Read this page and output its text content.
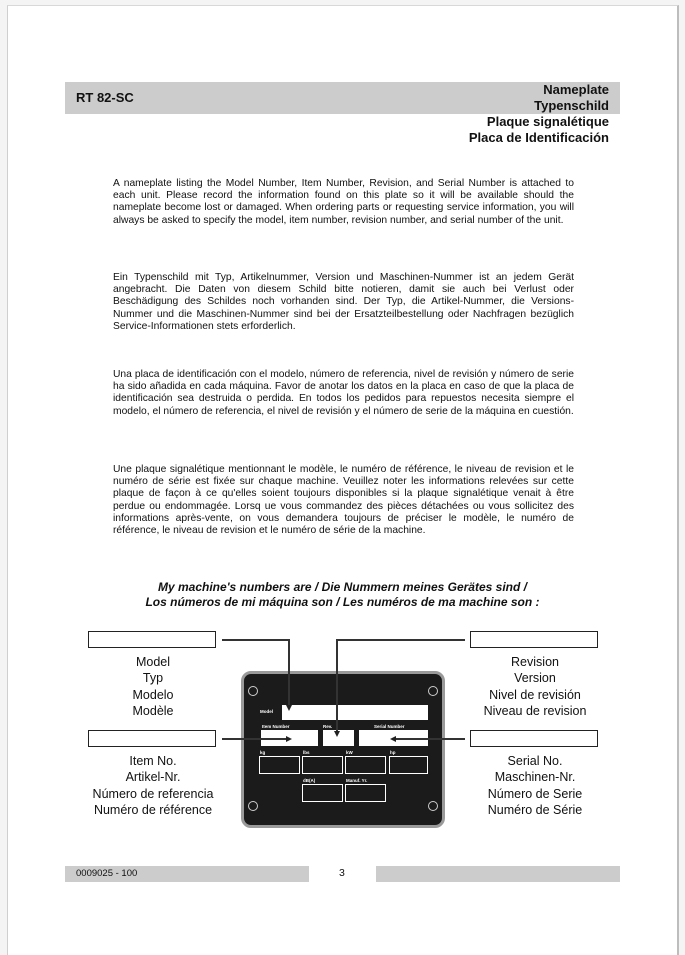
RT 82-SC
Nameplate
Typenschild
Plaque signalétique
Placa de Identificación
A nameplate listing the Model Number, Item Number, Revision, and Serial Number is attached to each unit. Please record the information found on this plate so it will be available should the nameplate become lost or damaged. When ordering parts or requesting service information, you will always be asked to specify the model, item number, revision number, and serial number of the unit.
Ein Typenschild mit Typ, Artikelnummer, Version und Maschinen-Nummer ist an jedem Gerät angebracht. Die Daten von diesem Schild bitte notieren, damit sie auch bei Verlust oder Beschädigung des Schildes noch vorhanden sind. Der Typ, die Artikel-Nummer, die Versions- Nummer und die Maschinen-Nummer sind bei der Ersatzteilbestellung oder Nachfragen bezüglich Service-Informationen stets erforderlich.
Una placa de identificación con el modelo, número de referencia, nivel de revisión y número de serie ha sido añadida en cada máquina. Favor de anotar los datos en la placa en caso de que la placa de identificación sea destruida o perdida. En todos los pedidos para repuestos necesita siempre el modelo, el número de referencia, el nivel de revisión y el número de serie de la máquina en cuestión.
Une plaque signalétique mentionnant le modèle, le numéro de référence, le niveau de revision et le numéro de série est fixée sur chaque machine. Veuillez noter les informations relevées sur cette plaque de façon à ce qu'elles soient toujours disponibles si la plaque signalétique venait à être perdue ou endommagée. Lorsq ue vous commandez des pièces détachées ou vous sollicitez des informations après-vente, on vous demandera toujours de préciser le modèle, le numéro de référence, le niveau de revision et le numéro de série de la machine.
My machine's numbers are / Die Nummern meines Gerätes sind /
Los números de mi máquina son / Les numéros de ma machine son :
Model
Typ
Modelo
Modèle
Revision
Version
Nivel de revisión
Niveau de revision
Item No.
Artikel-Nr.
Número de referencia
Numéro de référence
Serial No.
Maschinen-Nr.
Número de Serie
Numéro de Série
Model
Item Number	Rev.	Serial Number
kg	lbs	kW	hp
dB(A)	Manuf. Yr.
0009025 - 100	3
